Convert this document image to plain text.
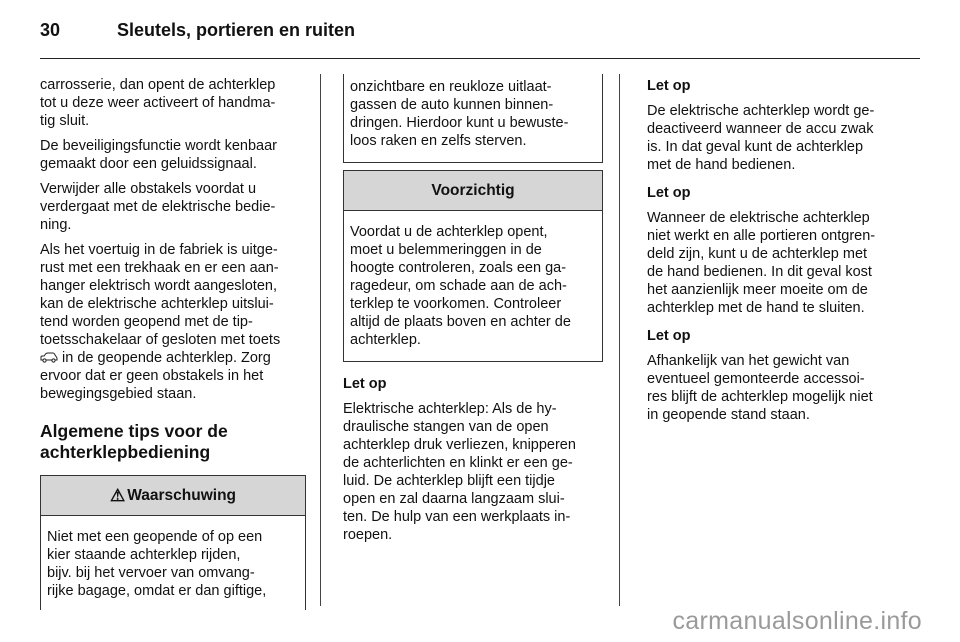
30	Sleutels, portieren en ruiten

carrosserie, dan opent de achterklep
tot u deze weer activeert of handma-
tig sluit.

De beveiligingsfunctie wordt kenbaar
gemaakt door een geluidssignaal.

Verwijder alle obstakels voordat u
verdergaat met de elektrische bedie-
ning.

Als het voertuig in de fabriek is uitge-
rust met een trekhaak en er een aan-
hanger elektrisch wordt aangesloten,
kan de elektrische achterklep uitslui-
tend worden geopend met de tip-
toetsschakelaar of gesloten met toets
in de geopende achterklep. Zorg
ervoor dat er geen obstakels in het
bewegingsgebied staan.

Algemene tips voor de
achterklepbediening
⚠ Waarschuwing
Niet met een geopende of op een
kier staande achterklep rijden,
bijv. bij het vervoer van omvang-
rijke bagage, omdat er dan giftige,
onzichtbare en reukloze uitlaat-
gassen de auto kunnen binnen-
dringen. Hierdoor kunt u bewuste-
loos raken en zelfs sterven.
Voorzichtig
Voordat u de achterklep opent,
moet u belemmeringgen in de
hoogte controleren, zoals een ga-
ragedeur, om schade aan de ach-
terklep te voorkomen. Controleer
altijd de plaats boven en achter de
achterklep.

Let op

Elektrische achterklep: Als de hy-
draulische stangen van de open
achterklep druk verliezen, knipperen
de achterlichten en klinkt er een ge-
luid. De achterklep blijft een tijdje
open en zal daarna langzaam slui-
ten. De hulp van een werkplaats in-
roepen.

Let op

De elektrische achterklep wordt ge-
deactiveerd wanneer de accu zwak
is. In dat geval kunt de achterklep
met de hand bedienen.

Let op

Wanneer de elektrische achterklep
niet werkt en alle portieren ontgren-
deld zijn, kunt u de achterklep met
de hand bedienen. In dit geval kost
het aanzienlijk meer moeite om de
achterklep met de hand te sluiten.

Let op

Afhankelijk van het gewicht van
eventueel gemonteerde accessoi-
res blijft de achterklep mogelijk niet
in geopende stand staan.

carmanualsonline.info
